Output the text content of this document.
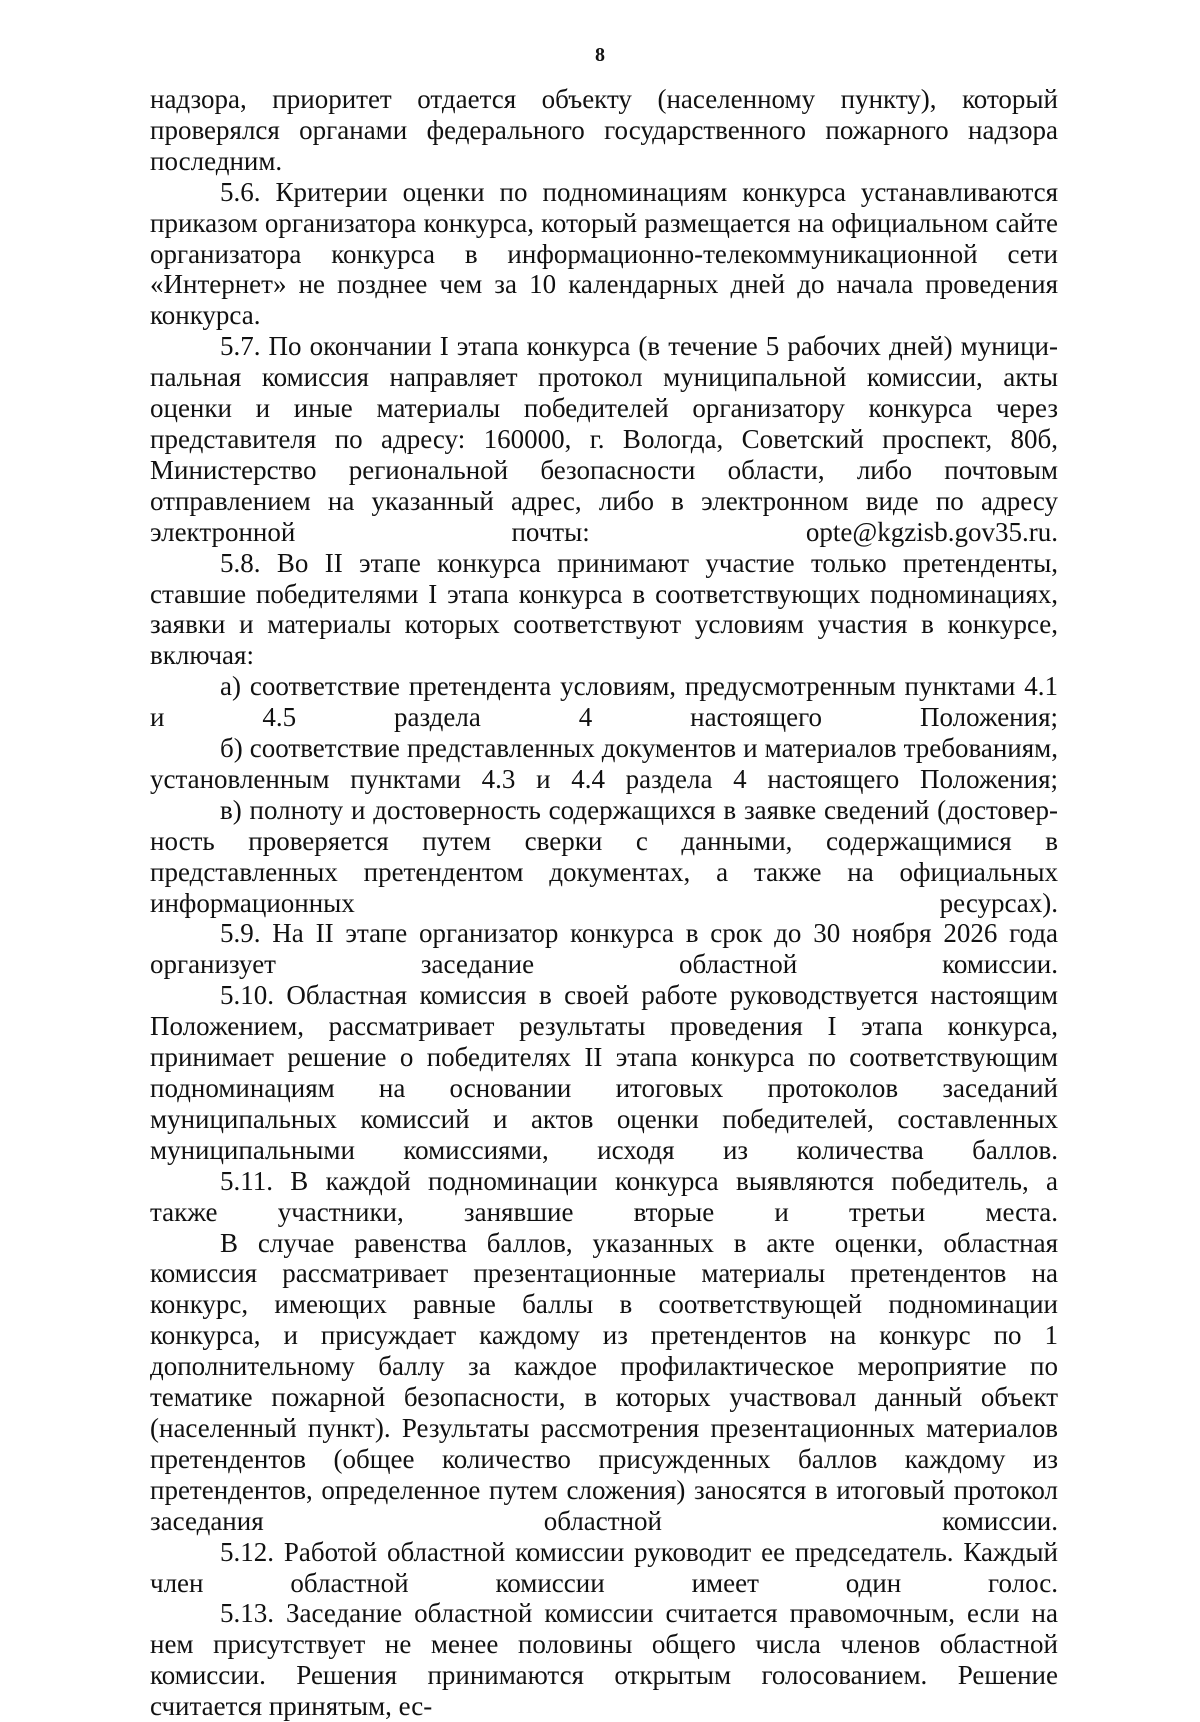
8

надзора, приоритет отдается объекту (населенному пункту), который проверялся органами федерального государственного пожарного надзора последним.

5.6. Критерии оценки по подноминациям конкурса устанавливаются приказом организатора конкурса, который размещается на официальном сайте организатора конкурса в информационно-телекоммуникационной сети «Интернет» не позднее чем за 10 календарных дней до начала проведения конкурса.

5.7. По окончании I этапа конкурса (в течение 5 рабочих дней) муниципальная комиссия направляет протокол муниципальной комиссии, акты оценки и иные материалы победителей организатору конкурса через представителя по адресу: 160000, г. Вологда, Советский проспект, 80б, Министерство региональной безопасности области, либо почтовым отправлением на указанный адрес, либо в электронном виде по адресу электронной почты: opte@kgzisb.gov35.ru.

5.8. Во II этапе конкурса принимают участие только претенденты, ставшие победителями I этапа конкурса в соответствующих подноминациях, заявки и материалы которых соответствуют условиям участия в конкурсе, включая:

а) соответствие претендента условиям, предусмотренным пунктами 4.1 и 4.5 раздела 4 настоящего Положения;

б) соответствие представленных документов и материалов требованиям, установленным пунктами 4.3 и 4.4 раздела 4 настоящего Положения;

в) полноту и достоверность содержащихся в заявке сведений (достоверность проверяется путем сверки с данными, содержащимися в представленных претендентом документах, а также на официальных информационных ресурсах).

5.9. На II этапе организатор конкурса в срок до 30 ноября 2026 года организует заседание областной комиссии.

5.10. Областная комиссия в своей работе руководствуется настоящим Положением, рассматривает результаты проведения I этапа конкурса, принимает решение о победителях II этапа конкурса по соответствующим подноминациям на основании итоговых протоколов заседаний муниципальных комиссий и актов оценки победителей, составленных муниципальными комиссиями, исходя из количества баллов.

5.11. В каждой подноминации конкурса выявляются победитель, а также участники, занявшие вторые и третьи места.

В случае равенства баллов, указанных в акте оценки, областная комиссия рассматривает презентационные материалы претендентов на конкурс, имеющих равные баллы в соответствующей подноминации конкурса, и присуждает каждому из претендентов на конкурс по 1 дополнительному баллу за каждое профилактическое мероприятие по тематике пожарной безопасности, в которых участвовал данный объект (населенный пункт). Результаты рассмотрения презентационных материалов претендентов (общее количество присужденных баллов каждому из претендентов, определенное путем сложения) заносятся в итоговый протокол заседания областной комиссии.

5.12. Работой областной комиссии руководит ее председатель. Каждый член областной комиссии имеет один голос.

5.13. Заседание областной комиссии считается правомочным, если на нем присутствует не менее половины общего числа членов областной комиссии. Решения принимаются открытым голосованием. Решение считается принятым, ес-
